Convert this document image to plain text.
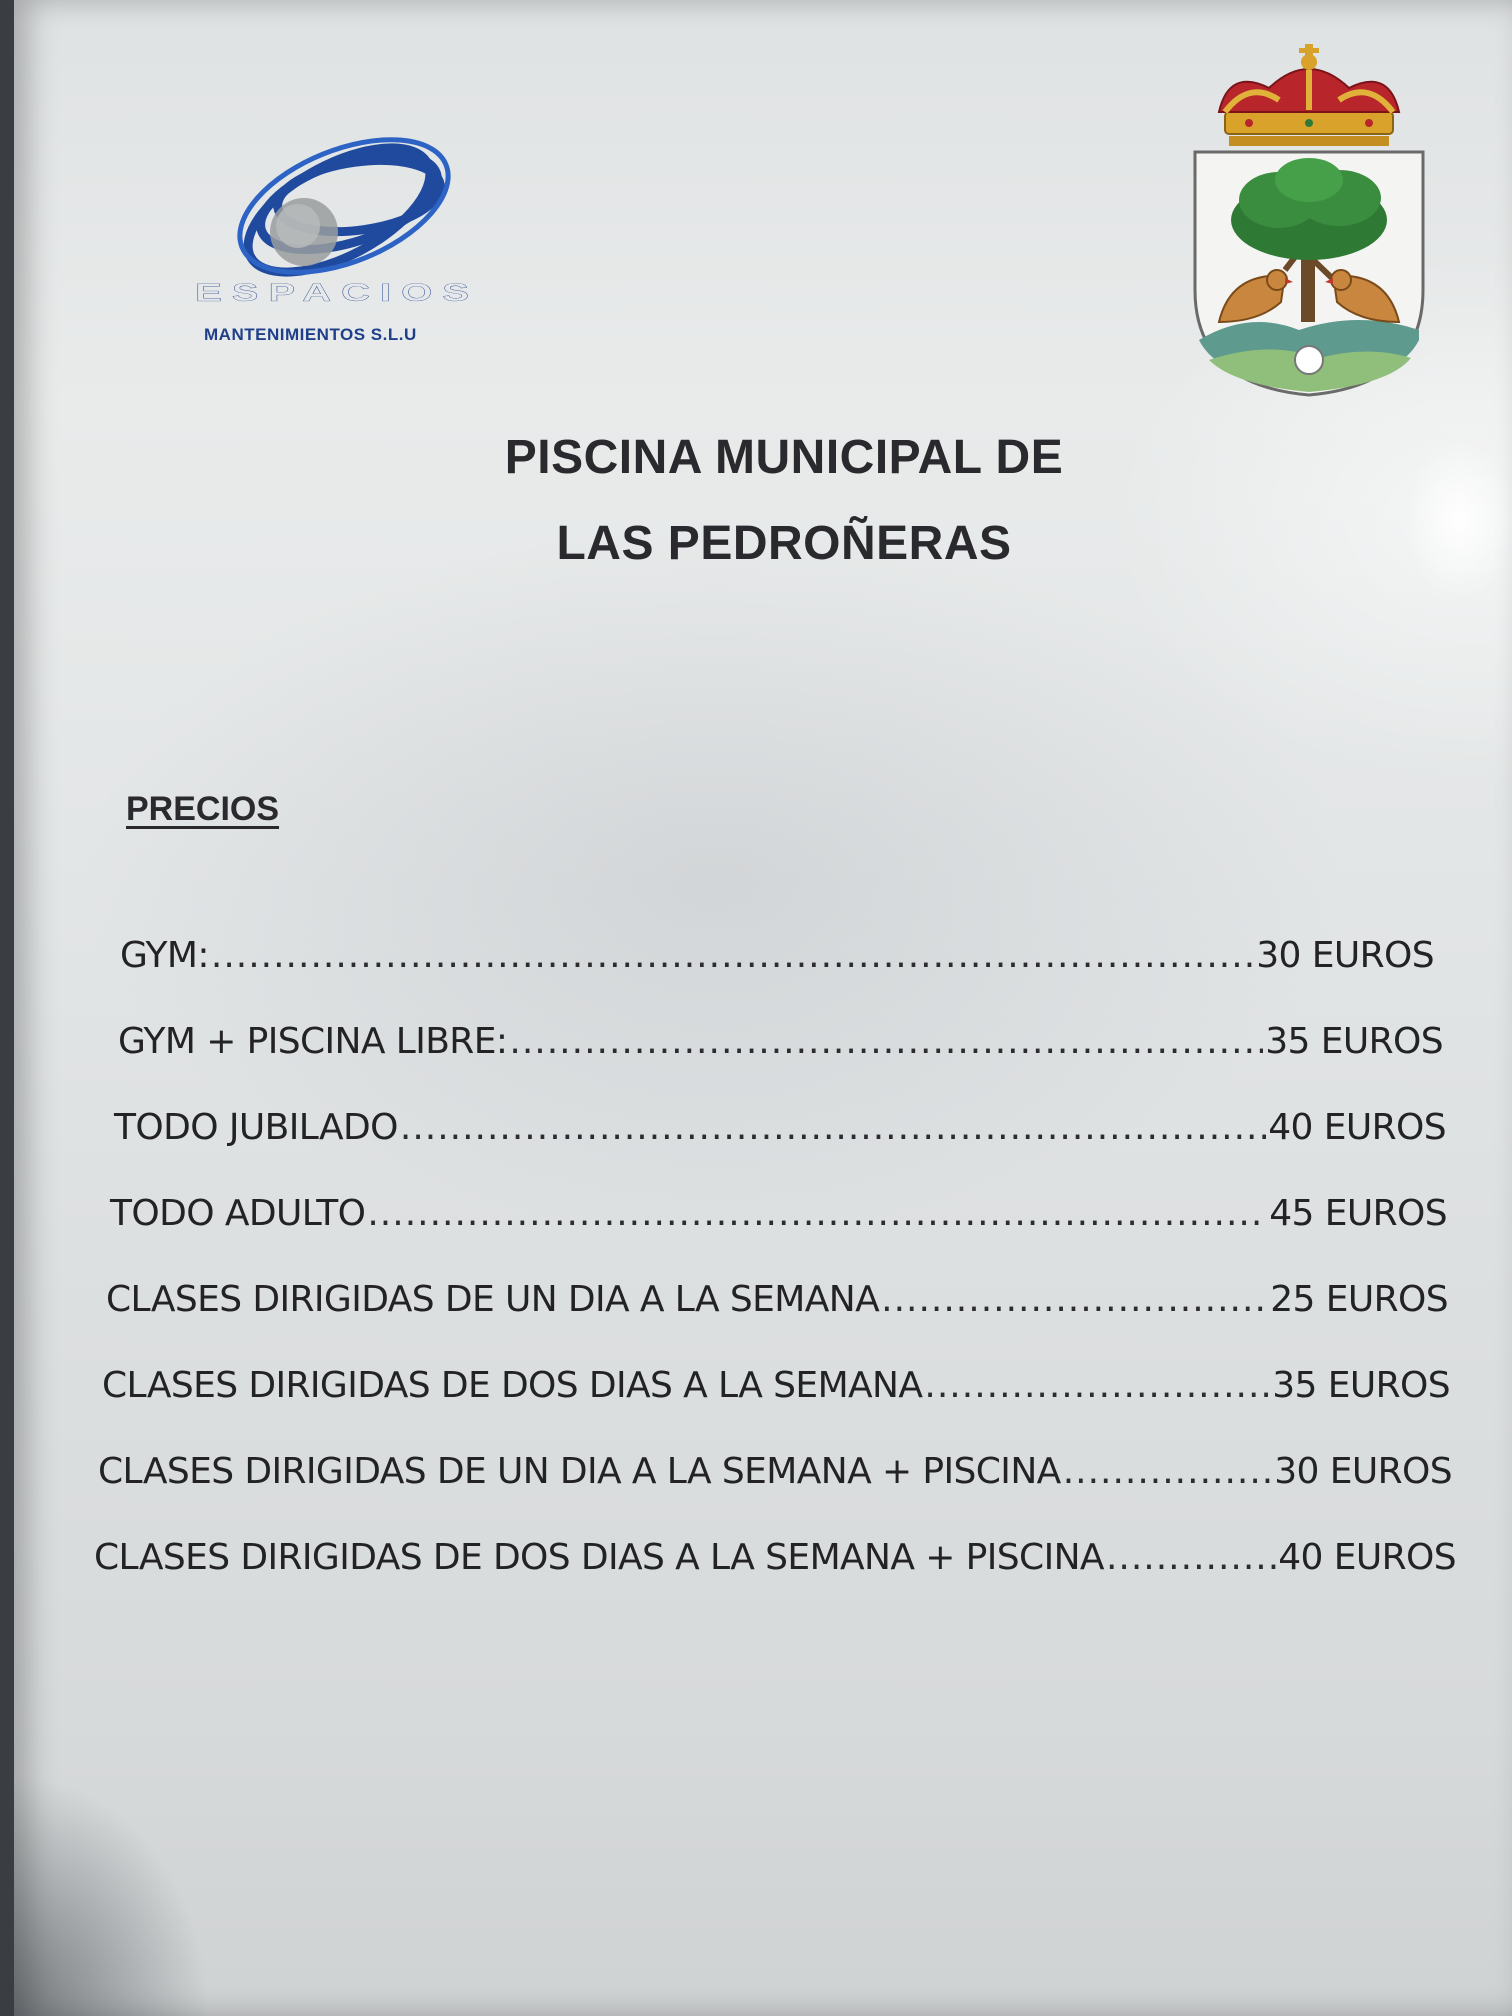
ESPACIOS
MANTENIMIENTOS S.L.U
PISCINA MUNICIPAL DE
LAS PEDROÑERAS
PRECIOS
GYM: .....	30 EUROS
GYM + PISCINA LIBRE: .....	35 EUROS
TODO JUBILADO .....	40 EUROS
TODO ADULTO .....	45 EUROS
CLASES DIRIGIDAS DE UN DIA A LA SEMANA .....	25 EUROS
CLASES DIRIGIDAS DE DOS DIAS A LA SEMANA .....	35 EUROS
CLASES DIRIGIDAS DE UN DIA A LA SEMANA + PISCINA .....	30 EUROS
CLASES DIRIGIDAS DE DOS DIAS A LA SEMANA + PISCINA .....	40 EUROS
